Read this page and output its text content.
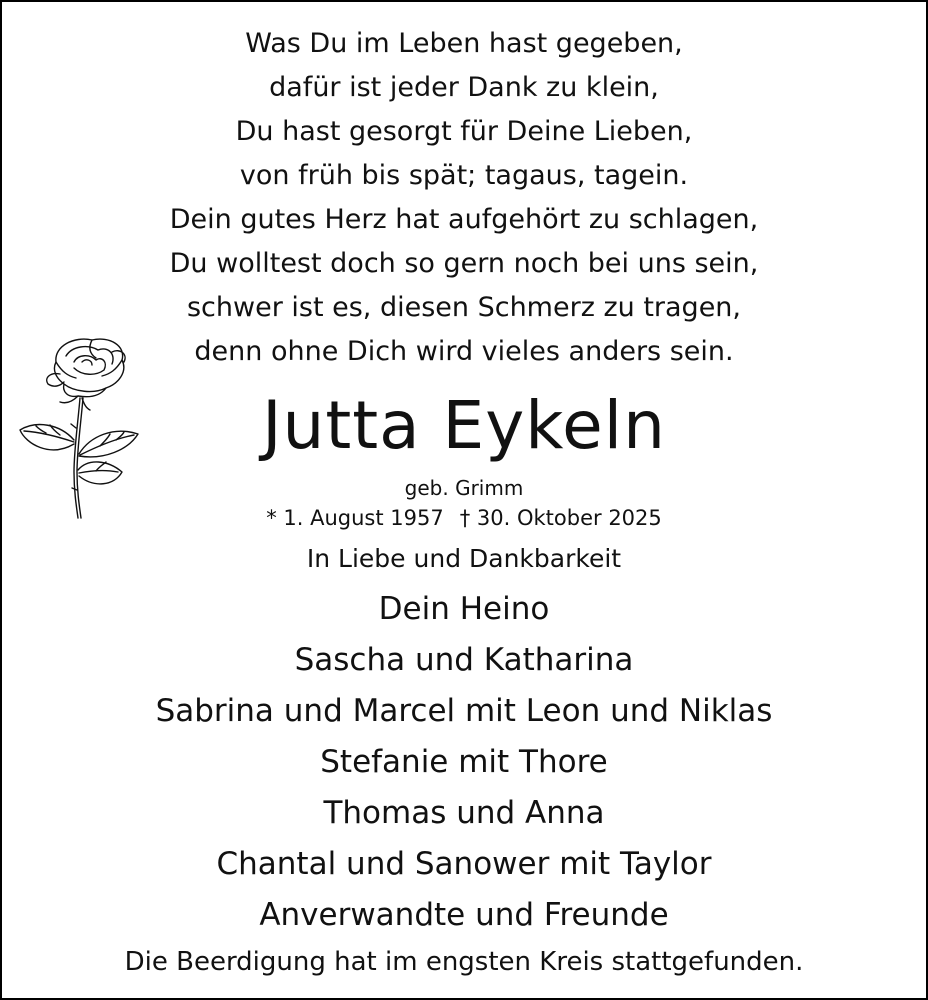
Was Du im Leben hast gegeben,
dafür ist jeder Dank zu klein,
Du hast gesorgt für Deine Lieben,
von früh bis spät; tagaus, tagein.
Dein gutes Herz hat aufgehört zu schlagen,
Du wolltest doch so gern noch bei uns sein,
schwer ist es, diesen Schmerz zu tragen,
denn ohne Dich wird vieles anders sein.
Jutta Eykeln
geb. Grimm
* 1. August 1957 † 30. Oktober 2025
In Liebe und Dankbarkeit
Dein Heino
Sascha und Katharina
Sabrina und Marcel mit Leon und Niklas
Stefanie mit Thore
Thomas und Anna
Chantal und Sanower mit Taylor
Anverwandte und Freunde
Die Beerdigung hat im engsten Kreis stattgefunden.
